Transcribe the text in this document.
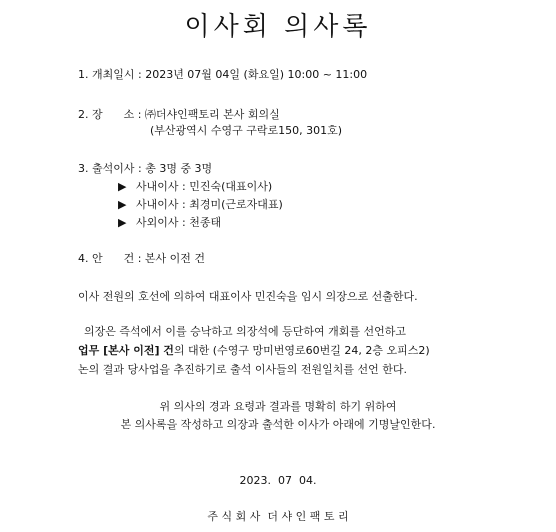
이사회 의사록
1. 개최일시 : 2023년 07월 04일 (화요일) 10:00 ~ 11:00
2. 장      소 : ㈜더샤인팩토리 본사 회의실
(부산광역시 수영구 구락로150, 301호)
3. 출석이사 : 총 3명 중 3명
▶ 사내이사 : 민진숙(대표이사)
▶ 사내이사 : 최경미(근로자대표)
▶ 사외이사 : 천종태
4. 안      건 : 본사 이전 건
이사 전원의 호선에 의하여 대표이사 민진숙을 임시 의장으로 선출한다.
의장은 즉석에서 이를 승낙하고 의장석에 등단하여 개회를 선언하고
업무 [본사 이전] 건의 대한 (수영구 망미번영로60번길 24, 2층 오피스2)
논의 결과 당사업을 추진하기로 출석 이사들의 전원일치를 선언 한다.
위 의사의 경과 요령과 결과를 명확히 하기 위하여
본 의사록을 작성하고 의장과 출석한 이사가 아래에 기명날인한다.
2023.  07  04.
주 식 회 사  더 샤 인 팩 토 리
